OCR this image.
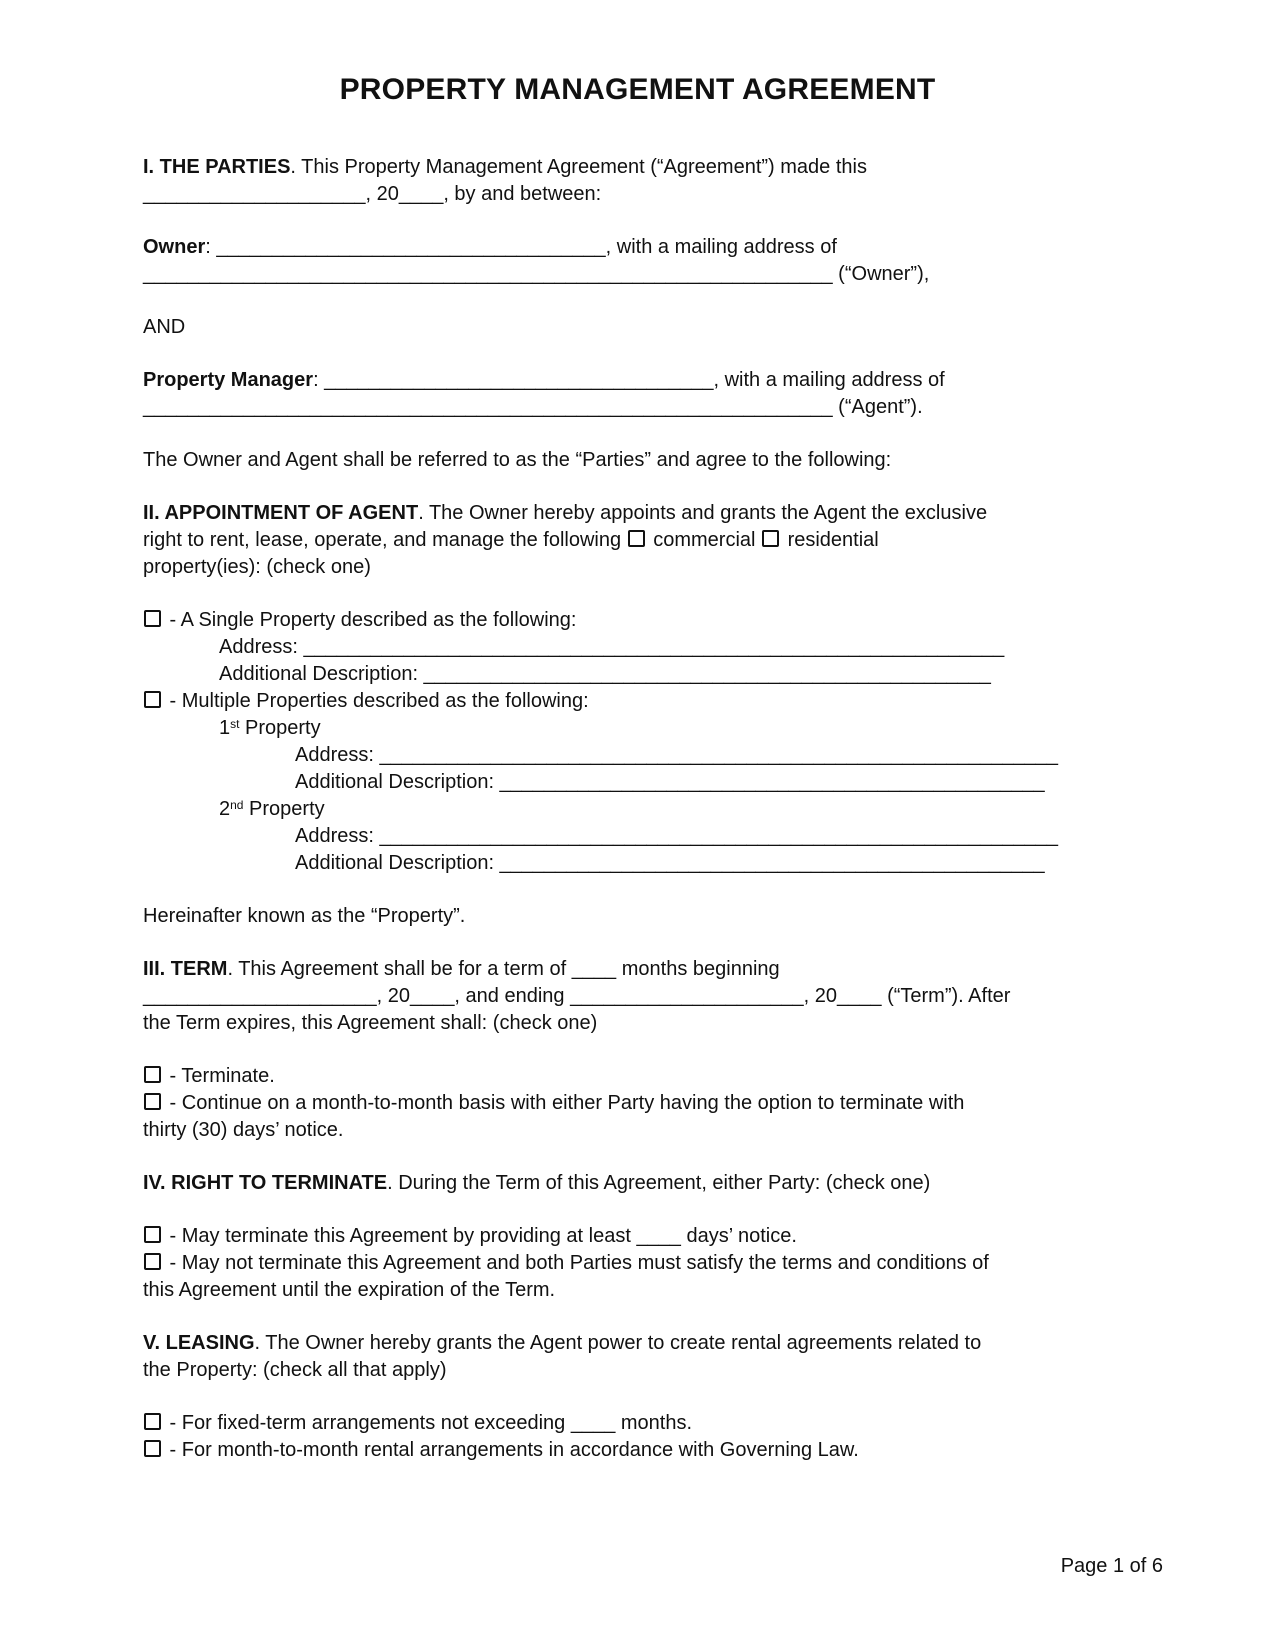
PROPERTY MANAGEMENT AGREEMENT
I. THE PARTIES. This Property Management Agreement (“Agreement”) made this
____________________, 20____, by and between:
Owner: ___________________________________, with a mailing address of
______________________________________________________________ (“Owner”),
AND
Property Manager: ___________________________________, with a mailing address of
______________________________________________________________ (“Agent”).
The Owner and Agent shall be referred to as the “Parties” and agree to the following:
II. APPOINTMENT OF AGENT. The Owner hereby appoints and grants the Agent the exclusive
right to rent, lease, operate, and manage the following  commercial  residential
property(ies): (check one)
- A Single Property described as the following:
Address: _______________________________________________________________
Additional Description: ___________________________________________________
- Multiple Properties described as the following:
1st Property
Address: _____________________________________________________________
Additional Description: _________________________________________________
2nd Property
Address: _____________________________________________________________
Additional Description: _________________________________________________
Hereinafter known as the “Property”.
III. TERM. This Agreement shall be for a term of ____ months beginning
_____________________, 20____, and ending _____________________, 20____ (“Term”). After
the Term expires, this Agreement shall: (check one)
- Terminate.
- Continue on a month-to-month basis with either Party having the option to terminate with
thirty (30) days’ notice.
IV. RIGHT TO TERMINATE. During the Term of this Agreement, either Party: (check one)
- May terminate this Agreement by providing at least ____ days’ notice.
- May not terminate this Agreement and both Parties must satisfy the terms and conditions of
this Agreement until the expiration of the Term.
V. LEASING. The Owner hereby grants the Agent power to create rental agreements related to
the Property: (check all that apply)
- For fixed-term arrangements not exceeding ____ months.
- For month-to-month rental arrangements in accordance with Governing Law.
Page 1 of 6
